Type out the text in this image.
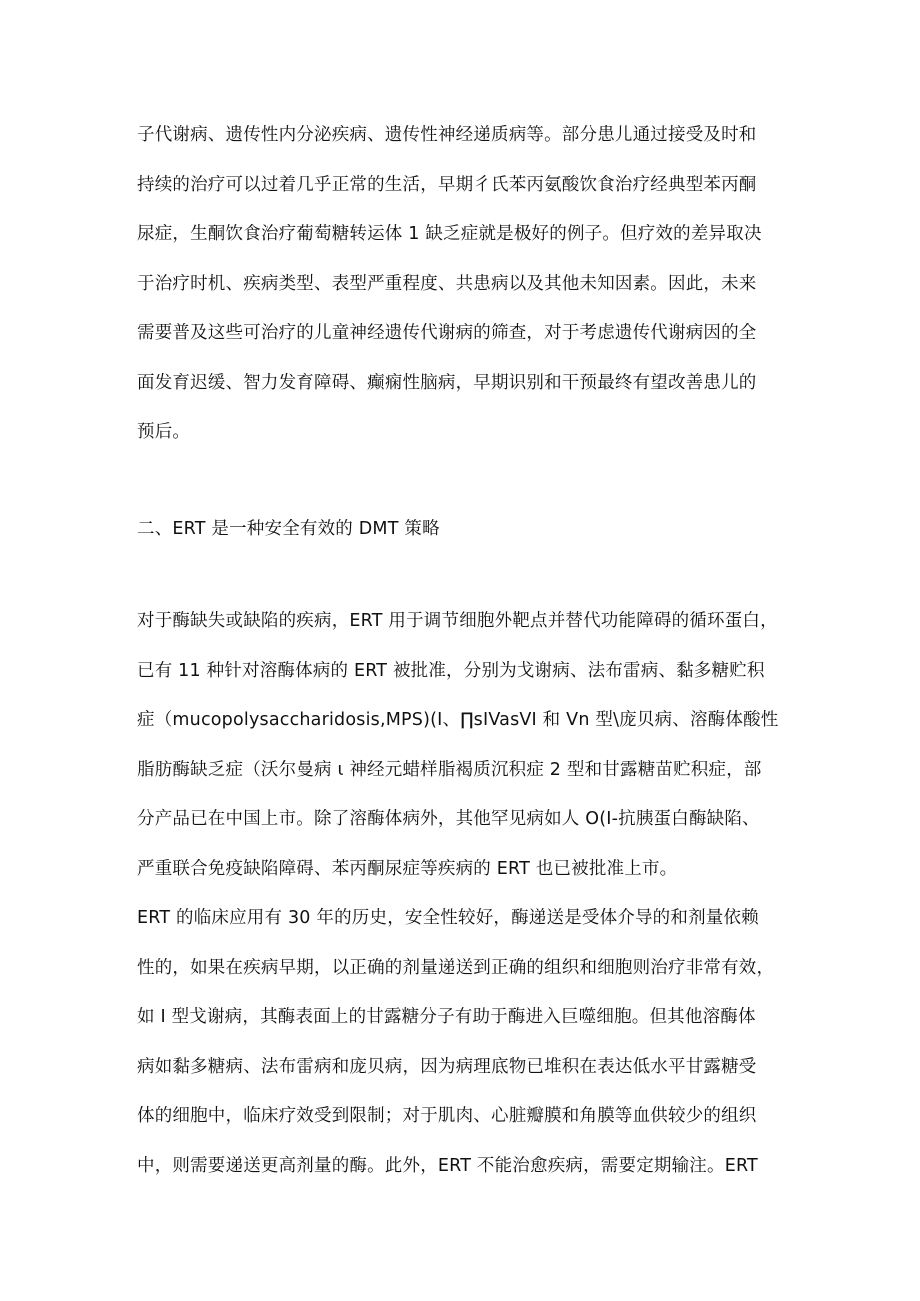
子代谢病、遗传性内分泌疾病、遗传性神经递质病等。部分患儿通过接受及时和
持续的治疗可以过着几乎正常的生活，早期彳氏苯丙氨酸饮食治疗经典型苯丙酮
尿症，生酮饮食治疗葡萄糖转运体 1 缺乏症就是极好的例子。但疗效的差异取决
于治疗时机、疾病类型、表型严重程度、共患病以及其他未知因素。因此，未来
需要普及这些可治疗的儿童神经遗传代谢病的筛查，对于考虑遗传代谢病因的全
面发育迟缓、智力发育障碍、癫痫性脑病，早期识别和干预最终有望改善患儿的
预后。
二、ERT 是一种安全有效的 DMT 策略
对于酶缺失或缺陷的疾病，ERT 用于调节细胞外靶点并替代功能障碍的循环蛋白，
已有 11 种针对溶酶体病的 ERT 被批准，分别为戈谢病、法布雷病、黏多糖贮积
症（mucopolysaccharidosis,MPS)(I、∏sIVasVI 和 Vn 型\庞贝病、溶酶体酸性
脂肪酶缺乏症（沃尔曼病 ι 神经元蜡样脂褐质沉积症 2 型和甘露糖苗贮积症，部
分产品已在中国上市。除了溶酶体病外，其他罕见病如人 O(I-抗胰蛋白酶缺陷、
严重联合免疫缺陷障碍、苯丙酮尿症等疾病的 ERT 也已被批准上市。
ERT 的临床应用有 30 年的历史，安全性较好，酶递送是受体介导的和剂量依赖
性的，如果在疾病早期，以正确的剂量递送到正确的组织和细胞则治疗非常有效，
如 I 型戈谢病，其酶表面上的甘露糖分子有助于酶进入巨噬细胞。但其他溶酶体
病如黏多糖病、法布雷病和庞贝病，因为病理底物已堆积在表达低水平甘露糖受
体的细胞中，临床疗效受到限制；对于肌肉、心脏瓣膜和角膜等血供较少的组织
中，则需要递送更高剂量的酶。此外，ERT 不能治愈疾病，需要定期输注。ERT
